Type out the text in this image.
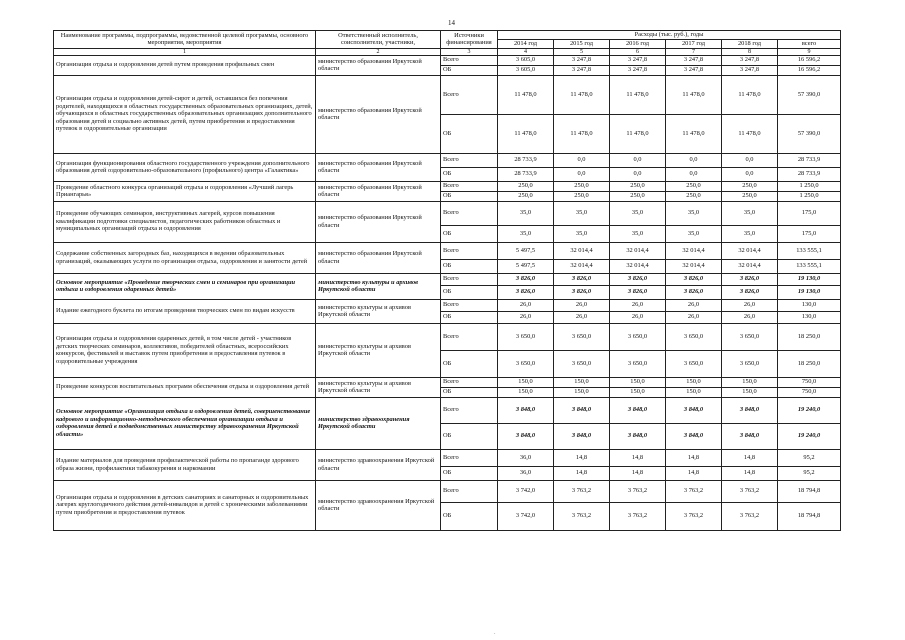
14
Наименование программы, подпрограммы, ведомственной целевой программы, основного мероприятия, мероприятия	Ответственный исполнитель, соисполнители, участники,	Источники финансирования	Расходы (тыс. руб.), годы					
			2014 год	2015 год	2016 год	2017 год	2018 год	всего
1	2	3	4	5	6	7	8	9
Организация отдыха и оздоровления детей путем проведения профильных смен	министерство образования Иркутской области	Всего	3 605,0	3 247,8	3 247,8	3 247,8	3 247,8	16 596,2
		ОБ	3 605,0	3 247,8	3 247,8	3 247,8	3 247,8	16 596,2
Организация отдыха и оздоровления детей-сирот и детей, оставшихся без попечения родителей, находящихся в областных государственных образовательных организациях, детей, обучающихся в областных государственных образовательных организациях дополнительного образования детей и социально активных детей, путем приобретения и предоставления путевок в оздоровительные организации	министерство образования Иркутской области	Всего	11 478,0	11 478,0	11 478,0	11 478,0	11 478,0	57 390,0
		ОБ	11 478,0	11 478,0	11 478,0	11 478,0	11 478,0	57 390,0
Организация функционирования областного государственного учреждения дополнительного образования детей оздоровительно-образовательного (профильного) центра «Галактика»	министерство образования Иркутской области	Всего	28 733,9	0,0	0,0	0,0	0,0	28 733,9
		ОБ	28 733,9	0,0	0,0	0,0	0,0	28 733,9
Проведение областного конкурса организаций отдыха и оздоровления «Лучший лагерь Приангарья»	министерство образования Иркутской области	Всего	250,0	250,0	250,0	250,0	250,0	1 250,0
		ОБ	250,0	250,0	250,0	250,0	250,0	1 250,0
Проведение обучающих семинаров, инструктивных лагерей, курсов повышения квалификации подготовки специалистов, педагогических работников областных и муниципальных организаций отдыха и оздоровления	министерство образования Иркутской области	Всего	35,0	35,0	35,0	35,0	35,0	175,0
		ОБ	35,0	35,0	35,0	35,0	35,0	175,0
Содержание собственных загородных баз, находящихся в ведении образовательных организаций, оказывающих услуги по организации отдыха, оздоровления и занятости детей	министерство образования Иркутской области	Всего	5 497,5	32 014,4	32 014,4	32 014,4	32 014,4	133 555,1
		ОБ	5 497,5	32 014,4	32 014,4	32 014,4	32 014,4	133 555,1
Основное мероприятие «Проведение творческих смен и семинаров при организации отдыха и оздоровления одаренных детей»	министерство культуры и архивов Иркутской области	Всего	3 826,0	3 826,0	3 826,0	3 826,0	3 826,0	19 130,0
		ОБ	3 826,0	3 826,0	3 826,0	3 826,0	3 826,0	19 130,0
Издание ежегодного буклета по итогам проведения творческих смен по видам искусств	министерство культуры и архивов Иркутской области	Всего	26,0	26,0	26,0	26,0	26,0	130,0
		ОБ	26,0	26,0	26,0	26,0	26,0	130,0
Организация отдыха и оздоровления одаренных детей, в том числе детей - участников детских творческих семинаров, коллективов, победителей областных, всероссийских конкурсов, фестивалей и выставок путем приобретения и предоставления путевок в оздоровительные учреждения	министерство культуры и архивов Иркутской области	Всего	3 650,0	3 650,0	3 650,0	3 650,0	3 650,0	18 250,0
		ОБ	3 650,0	3 650,0	3 650,0	3 650,0	3 650,0	18 250,0
Проведение конкурсов воспитательных программ обеспечения отдыха и оздоровления детей	министерство культуры и архивов Иркутской области	Всего	150,0	150,0	150,0	150,0	150,0	750,0
		ОБ	150,0	150,0	150,0	150,0	150,0	750,0
Основное мероприятие «Организация отдыха и оздоровления детей, совершенствование кадрового и информационно-методического обеспечения организации отдыха и оздоровления детей в подведомственных министерству здравоохранения Иркутской области»	министерство здравоохранения Иркутской области	Всего	3 848,0	3 848,0	3 848,0	3 848,0	3 848,0	19 240,0
		ОБ	3 848,0	3 848,0	3 848,0	3 848,0	3 848,0	19 240,0
Издание материалов для проведения профилактической работы по пропаганде здорового образа жизни, профилактики табакокурения и наркомании	министерство здравоохранения Иркутской области	Всего	36,0	14,8	14,8	14,8	14,8	95,2
		ОБ	36,0	14,8	14,8	14,8	14,8	95,2
Организация отдыха и оздоровления в детских санаториях и санаторных и оздоровительных лагерях круглогодичного действия детей-инвалидов и детей с хроническими заболеваниями путем приобретения и предоставления путевок	министерство здравоохранения Иркутской области	Всего	3 742,0	3 763,2	3 763,2	3 763,2	3 763,2	18 794,8
		ОБ	3 742,0	3 763,2	3 763,2	3 763,2	3 763,2	18 794,8
.
